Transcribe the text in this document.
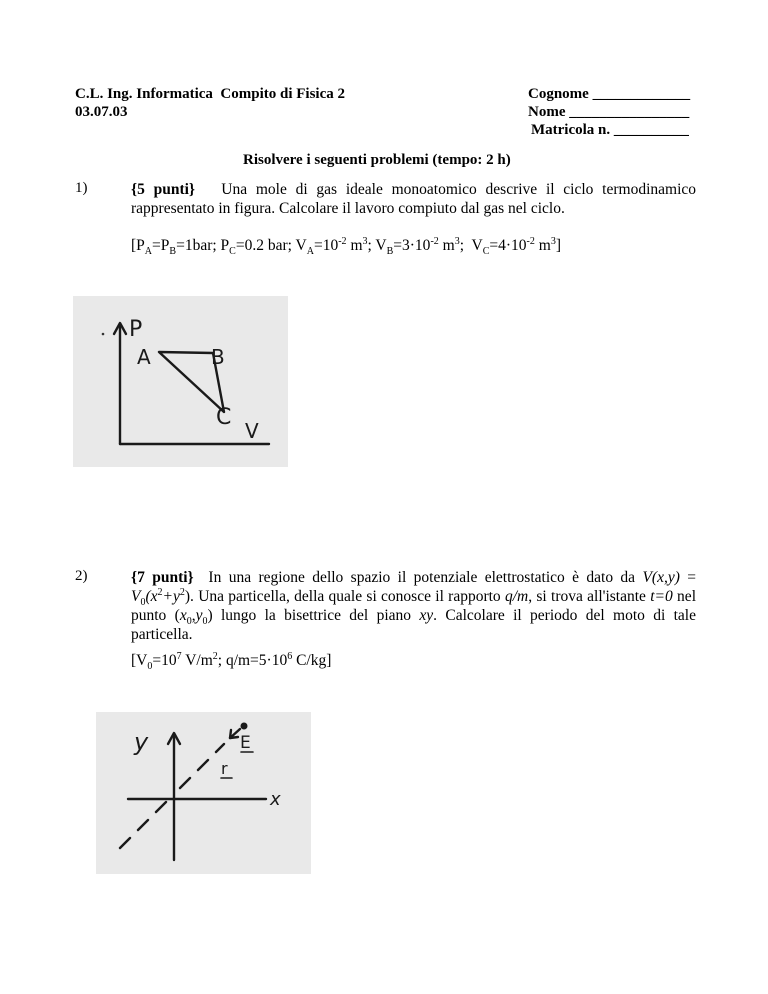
C.L. Ing. Informatica  Compito di Fisica 2
03.07.03
Cognome _____________
Nome ________________
Matricola n. __________
Risolvere i seguenti problemi (tempo: 2 h)
1)	{5 punti} Una mole di gas ideale monoatomico descrive il ciclo termodinamico rappresentato in figura. Calcolare il lavoro compiuto dal gas nel ciclo.
[$P_A=P_B=1bar$; $P_C=0.2$ bar; $V_A=10^{-2}$ $m^3$; $V_B=3\cdot 10^{-2}$ $m^3$;  $V_C=4\cdot 10^{-2}$ $m^3$]
P
A	B
C
V
2)	{7 punti} In una regione dello spazio il potenziale elettrostatico è dato da $V(x,y) = V_0(x^2+y^2)$. Una particella, della quale si conosce il rapporto q/m, si trova all'istante t=0 nel punto $(x_0,y_0)$ lungo la bisettrice del piano xy. Calcolare il periodo del moto di tale particella.
[$V_0=10^7$ $V/m^2$; $q/m=5\cdot 10^6$ C/kg]
y
x
E
r
